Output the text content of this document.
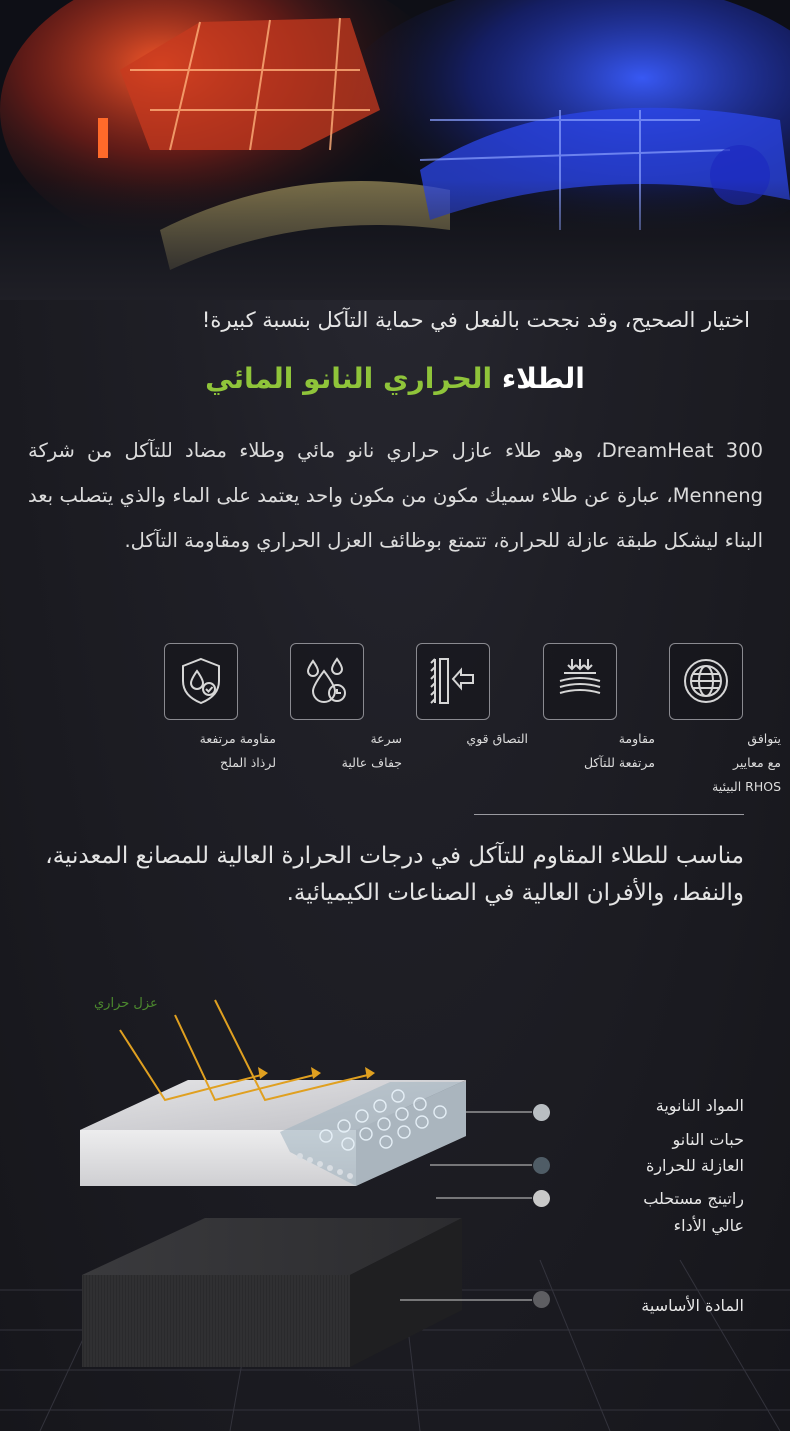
اختيار الصحيح، وقد نجحت بالفعل في حماية التآكل بنسبة كبيرة!
الطلاء الحراري النانو المائي
DreamHeat 300، وهو طلاء عازل حراري نانو مائي وطلاء مضاد للتآكل من شركة Menneng، عبارة عن طلاء سميك مكون من مكون واحد يعتمد على الماء والذي يتصلب بعد البناء ليشكل طبقة عازلة للحرارة، تتمتع بوظائف العزل الحراري ومقاومة التآكل.
مقاومة مرتفعة
لرذاذ الملح
سرعة
جفاف عالية
التصاق قوي	مقاومة
مرتفعة للتآكل
يتوافق
مع معايير
RHOS البيئية
مناسب للطلاء المقاوم للتآكل في درجات الحرارة العالية للمصانع المعدنية، والنفط، والأفران العالية في الصناعات الكيميائية.
عزل حراري
المواد النانوية
حبات النانو
العازلة للحرارة
راتينج مستحلب
عالي الأداء
المادة الأساسية
